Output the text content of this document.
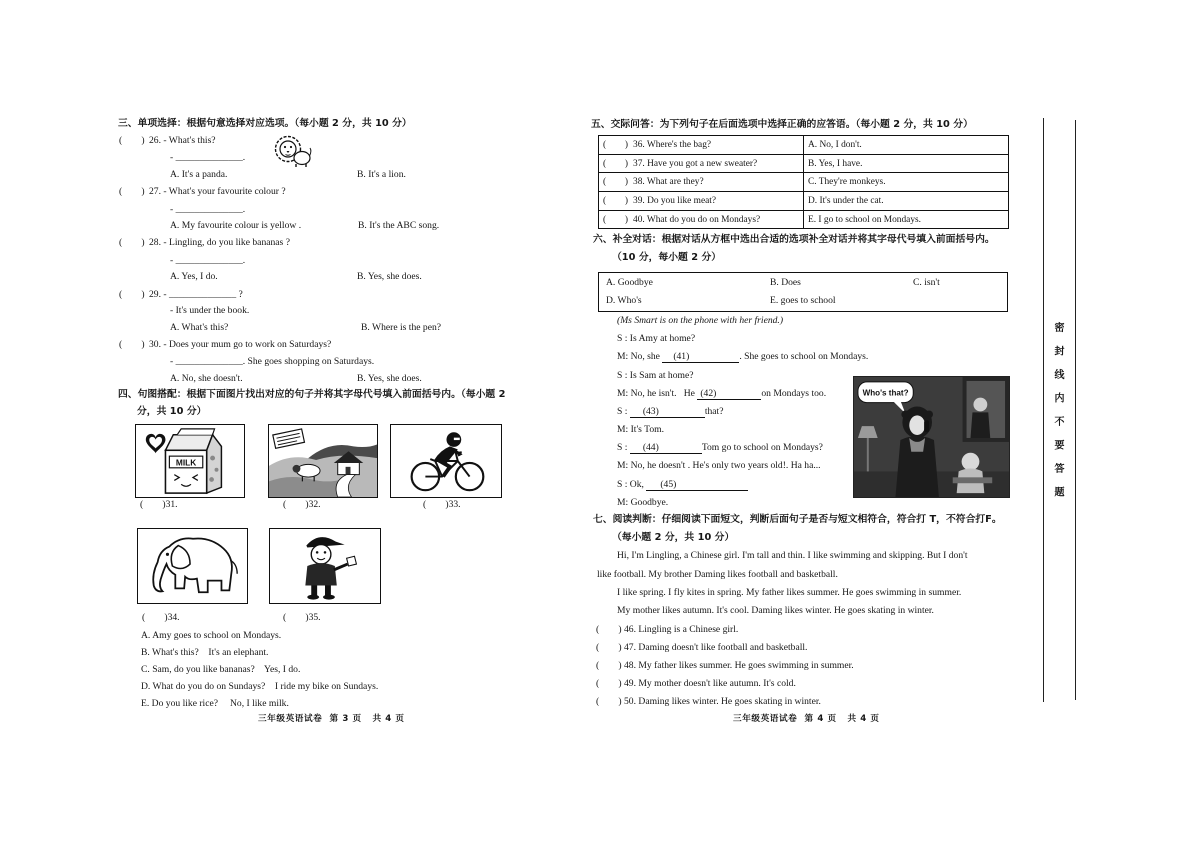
三、单项选择：根据句意选择对应选项。（每小题 2 分，共 10 分）
(        ) 26. - What's this?
- ______________.
A. It's a panda.	B. It's a lion.
(        ) 27. - What's your favourite colour ?
- ______________.
A. My favourite colour is yellow .	B. It's the ABC song.
(        ) 28. - Lingling, do you like bananas ?
- ______________.
A. Yes, I do.	B. Yes, she does.
(        ) 29. - ______________ ?
- It's under the book.
A. What's this?	B. Where is the pen?
(        ) 30. - Does your mum go to work on Saturdays?
- ______________. She goes shopping on Saturdays.
A. No, she doesn't.	B. Yes, she does.
四、句图搭配：根据下面图片找出对应的句子并将其字母代号填入前面括号内。（每小题 2
分，共 10 分）
MILK
(        )31.	(        )32.	(        )33.
(        )34.	(        )35.
A. Amy goes to school on Mondays.
B. What's this?    It's an elephant.
C. Sam, do you like bananas?    Yes, I do.
D. What do you do on Sundays?    I ride my bike on Sundays.
E. Do you like rice?     No, I like milk.
三年级英语试卷  第 3 页   共 4 页
五、交际问答：为下列句子在后面选项中选择正确的应答语。（每小题 2 分，共 10 分）
(        ) 36. Where's the bag?	A. No, I don't.
(        ) 37. Have you got a new sweater?	B. Yes, I have.
(        ) 38. What are they?	C. They're monkeys.
(        ) 39. Do you like meat?	D. It's under the cat.
(        ) 40. What do you do on Mondays?	E. I go to school on Mondays.
六、补全对话：根据对话从方框中选出合适的选项补全对话并将其字母代号填入前面括号内。
（10 分，每小题 2 分）
A. Goodbye	B. Does	C. isn't
D. Who's	E. goes to school
(Ms Smart is on the phone with her friend.)
S : Is Amy at home?
M: No, she (41)	. She goes to school on Mondays.
S : Is Sam at home?
M: No, he isn't.   He (42)	on Mondays too.
S : (43)	that?
M: It's Tom.
S : (44)	Tom go to school on Mondays?
M: No, he doesn't . He's only two years old!. Ha ha...
S : Ok, (45)
M: Goodbye.
Who's that?
七、阅读判断：仔细阅读下面短文，判断后面句子是否与短文相符合，符合打 T，不符合打F。
（每小题 2 分，共 10 分）
Hi, I'm Lingling, a Chinese girl. I'm tall and thin. I like swimming and skipping. But I don't
like football. My brother Daming likes football and basketball.
I like spring. I fly kites in spring. My father likes summer. He goes swimming in summer.
My mother likes autumn. It's cool. Daming likes winter. He goes skating in winter.
(        ) 46. Lingling is a Chinese girl.
(        ) 47. Daming doesn't like football and basketball.
(        ) 48. My father likes summer. He goes swimming in summer.
(        ) 49. My mother doesn't like autumn. It's cold.
(        ) 50. Daming likes winter. He goes skating in winter.
三年级英语试卷  第 4 页   共 4 页
密封线内不要答题
